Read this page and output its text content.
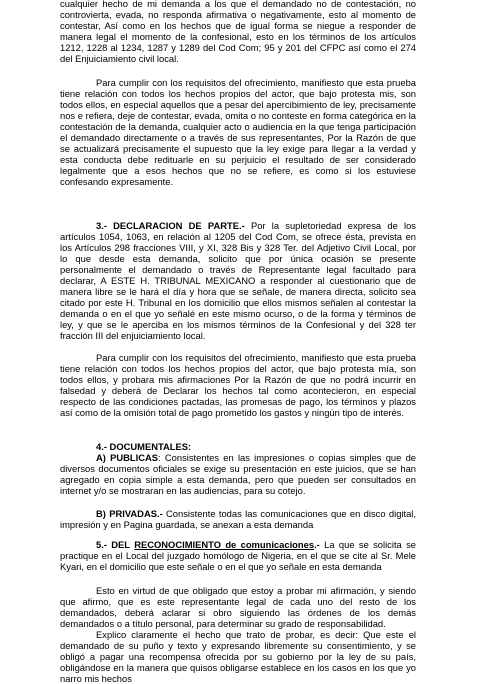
cualquier hecho de mi demanda a los que el demandado no de contestación, no controvierta, evada, no responda afirmativa o negativamente, esto al momento de contestar, Así como en los hechos que de igual forma se niegue a responder de manera legal el momento de la confesional, esto en los términos de los artículos 1212, 1228 al 1234, 1287 y 1289 del Cod Com; 95 y 201 del CFPC así como el 274 del Enjuiciamiento civil local.

Para cumplir con los requisitos del ofrecimiento, manifiesto que esta prueba tiene relación con todos los hechos propios del actor, que bajo protesta mis, son todos ellos, en especial aquellos que a pesar del apercibimiento de ley, precisamente nos e refiera, deje de contestar, evada, omita o no conteste en forma categórica en la contestación de la demanda, cualquier acto o audiencia en la que tenga participación el demandado directamente o a través de sus representantes, Por la Razón de que se actualizará precisamente el supuesto que la ley exige para llegar a la verdad y esta conducta debe redituarle en su perjuicio el resultado de ser considerado legalmente que a esos hechos que no se refiere, es como si los estuviese confesando expresamente.

3.- DECLARACION DE PARTE.- Por la supletoriedad expresa de los artículos 1054, 1063, en relación al 1205 del Cod Com, se ofrece ésta, prevista en los Artículos 298 fracciones VIII, y XI, 328 Bis y 328 Ter. del Adjetivo Civil Local, por lo que desde esta demanda, solicito que por única ocasión se presente personalmente el demandado o través de Representante legal facultado para declarar, A ESTE H. TRIBUNAL MEXICANO a responder al cuestionario que de manera libre se le hará el día y hora que se señale, de manera directa, solicito sea citado por este H. Tribunal en los domicilio que ellos mismos señalen al contestar la demanda o en el que yo señalé en este mismo ocurso, o de la forma y términos de ley, y que se le aperciba en los mismos términos de la Confesional y del 328 ter fracción III del enjuiciamiento local.

Para cumplir con los requisitos del ofrecimiento, manifiesto que esta prueba tiene relación con todos los hechos propios del actor, que bajo protesta mía, son todos ellos, y probara mis afirmaciones Por la Razón de que no podrá incurrir en falsedad y deberá de Declarar los hechos tal como acontecieron, en especial respecto de las condiciones pactadas, las promesas de pago, los términos y plazos así como de la omisión total de pago prometido los gastos y ningún tipo de interés.

4.- DOCUMENTALES:

A) PUBLICAS: Consistentes en las impresiones o copias simples que de diversos documentos oficiales se exige su presentación en este juicios, que se han agregado en copia simple a esta demanda, pero que pueden ser consultados en internet y/o se mostraran en las audiencias, para su cotejo.

B) PRIVADAS.- Consistente todas las comunicaciones que en disco digital, impresión y en Pagina guardada, se anexan a esta demanda

5.- DEL RECONOCIMIENTO de comunicaciones.- La que se solicita se practique en el Local del juzgado homólogo de Nigeria, en el que se cite al Sr. Mele Kyari, en el domicilio que este señale o en el que yo señale en esta demanda

Esto en virtud de que obligado que estoy a probar mi afirmación, y siendo que afirmo, que es este representante legal de cada uno del resto de los demandados, deberá aclarar si obro siguiendo las órdenes de los demás demandados o a título personal, para determinar su grado de responsabilidad.

Explico claramente el hecho que trato de probar, es decir: Que este el demandado de su puño y texto y expresando libremente su consentimiento, y se obligó a pagar una recompensa ofrecida por su gobierno por la ley de su país, obligándose en la manera que quisos obligarse establece en los casos en los que yo narro mis hechos
